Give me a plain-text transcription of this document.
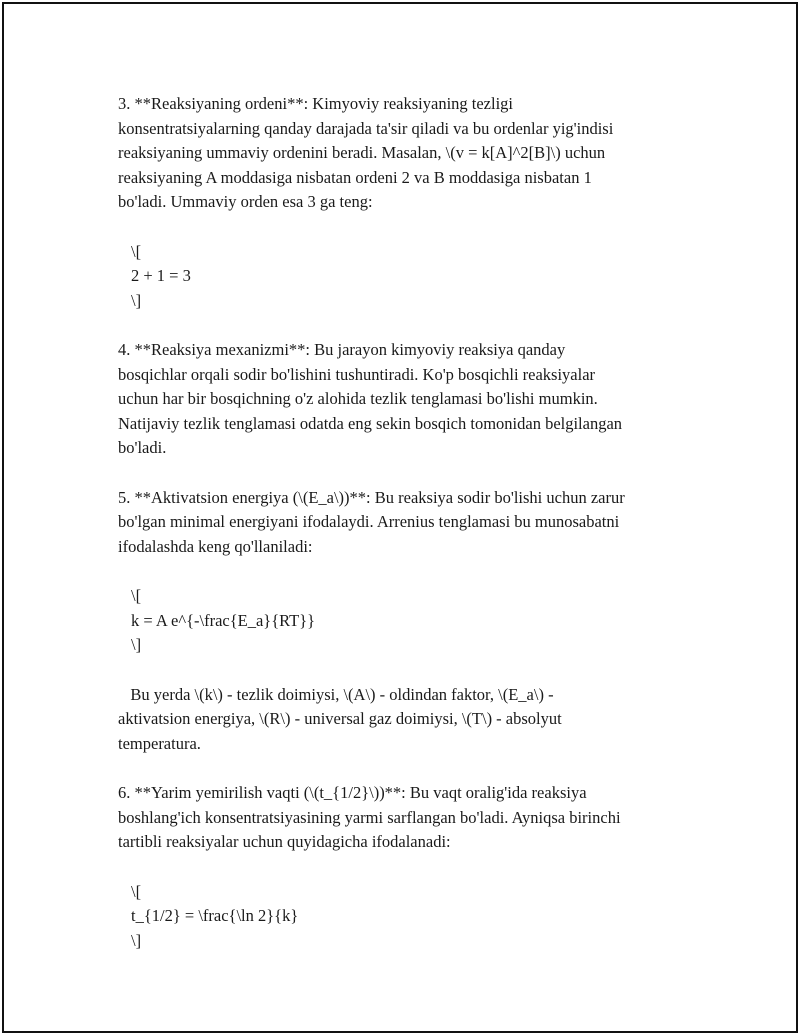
3. **Reaksiyaning ordeni**: Kimyoviy reaksiyaning tezligi
konsentratsiyalarning qanday darajada ta'sir qiladi va bu ordenlar yig'indisi
reaksiyaning ummaviy ordenini beradi. Masalan, \(v = k[A]^2[B]\) uchun
reaksiyaning A moddasiga nisbatan ordeni 2 va B moddasiga nisbatan 1
bo'ladi. Ummaviy orden esa 3 ga teng:
\[
2 + 1 = 3
\]
4. **Reaksiya mexanizmi**: Bu jarayon kimyoviy reaksiya qanday
bosqichlar orqali sodir bo'lishini tushuntiradi. Ko'p bosqichli reaksiyalar
uchun har bir bosqichning o'z alohida tezlik tenglamasi bo'lishi mumkin.
Natijaviy tezlik tenglamasi odatda eng sekin bosqich tomonidan belgilangan
bo'ladi.
5. **Aktivatsion energiya (\(E_a\))**: Bu reaksiya sodir bo'lishi uchun zarur
bo'lgan minimal energiyani ifodalaydi. Arrenius tenglamasi bu munosabatni
ifodalashda keng qo'llaniladi:
\[
k = A e^{-\frac{E_a}{RT}}
\]
Bu yerda \(k\) - tezlik doimiysi, \(A\) - oldindan faktor, \(E_a\) -
aktivatsion energiya, \(R\) - universal gaz doimiysi, \(T\) - absolyut
temperatura.
6. **Yarim yemirilish vaqti (\(t_{1/2}\))**: Bu vaqt oralig'ida reaksiya
boshlang'ich konsentratsiyasining yarmi sarflangan bo'ladi. Ayniqsa birinchi
tartibli reaksiyalar uchun quyidagicha ifodalanadi:
\[
t_{1/2} = \frac{\ln 2}{k}
\]
